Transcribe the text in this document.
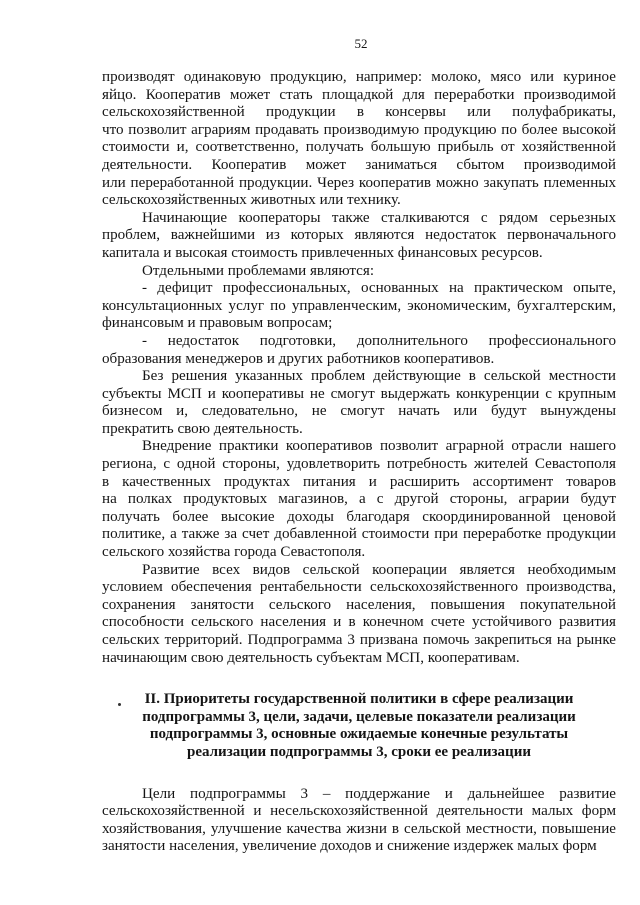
52

производят одинаковую продукцию, например: молоко, мясо или куриное
яйцо. Кооператив может стать площадкой для переработки производимой
сельскохозяйственной продукции в консервы или полуфабрикаты,
что позволит аграриям продавать производимую продукцию по более высокой
стоимости и, соответственно, получать большую прибыль от хозяйственной
деятельности. Кооператив может заниматься сбытом производимой
или переработанной продукции. Через кооператив можно закупать племенных
сельскохозяйственных животных или технику.

Начинающие кооператоры также сталкиваются с рядом серьезных
проблем, важнейшими из которых являются недостаток первоначального
капитала и высокая стоимость привлеченных финансовых ресурсов.

Отдельными проблемами являются:

- дефицит профессиональных, основанных на практическом опыте,
консультационных услуг по управленческим, экономическим, бухгалтерским,
финансовым и правовым вопросам;

- недостаток подготовки, дополнительного профессионального
образования менеджеров и других работников кооперативов.

Без решения указанных проблем действующие в сельской местности
субъекты МСП и кооперативы не смогут выдержать конкуренции с крупным
бизнесом и, следовательно, не смогут начать или будут вынуждены
прекратить свою деятельность.

Внедрение практики кооперативов позволит аграрной отрасли нашего
региона, с одной стороны, удовлетворить потребность жителей Севастополя
в качественных продуктах питания и расширить ассортимент товаров
на полках продуктовых магазинов, а с другой стороны, аграрии будут
получать более высокие доходы благодаря скоординированной ценовой
политике, а также за счет добавленной стоимости при переработке продукции
сельского хозяйства города Севастополя.

Развитие всех видов сельской кооперации является необходимым
условием обеспечения рентабельности сельскохозяйственного производства,
сохранения занятости сельского населения, повышения покупательной
способности сельского населения и в конечном счете устойчивого развития
сельских территорий. Подпрограмма 3 призвана помочь закрепиться на рынке
начинающим свою деятельность субъектам МСП, кооперативам.

II. Приоритеты государственной политики в сфере реализации
подпрограммы 3, цели, задачи, целевые показатели реализации
подпрограммы 3, основные ожидаемые конечные результаты
реализации подпрограммы 3, сроки ее реализации
Цели подпрограммы 3 – поддержание и дальнейшее развитие
сельскохозяйственной и несельскохозяйственной деятельности малых форм
хозяйствования, улучшение качества жизни в сельской местности, повышение
занятости населения, увеличение доходов и снижение издержек малых форм
